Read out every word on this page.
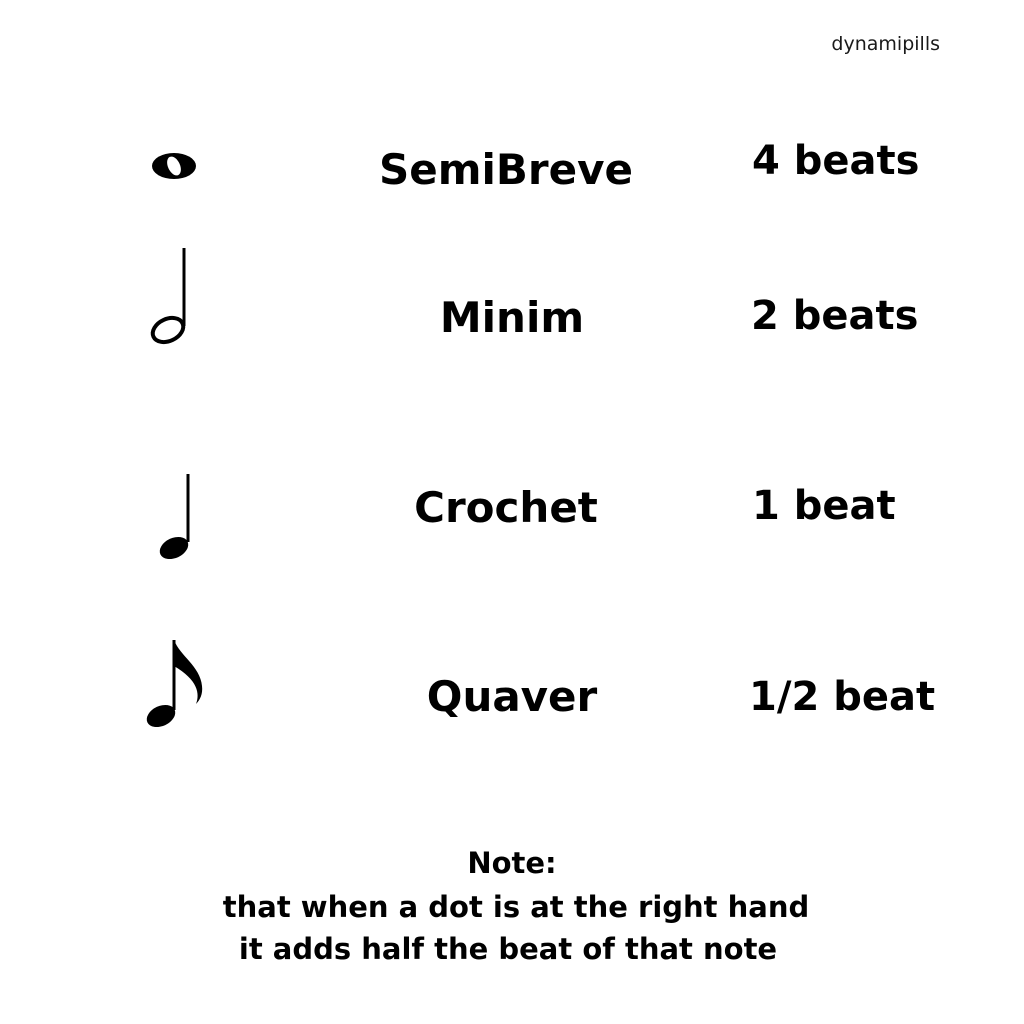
dynamipills
SemiBreve	4 beats
Minim	2 beats
Crochet	1 beat
Quaver	1/2 beat
Note:
that when a dot is at the right hand
it adds half the beat of that note
